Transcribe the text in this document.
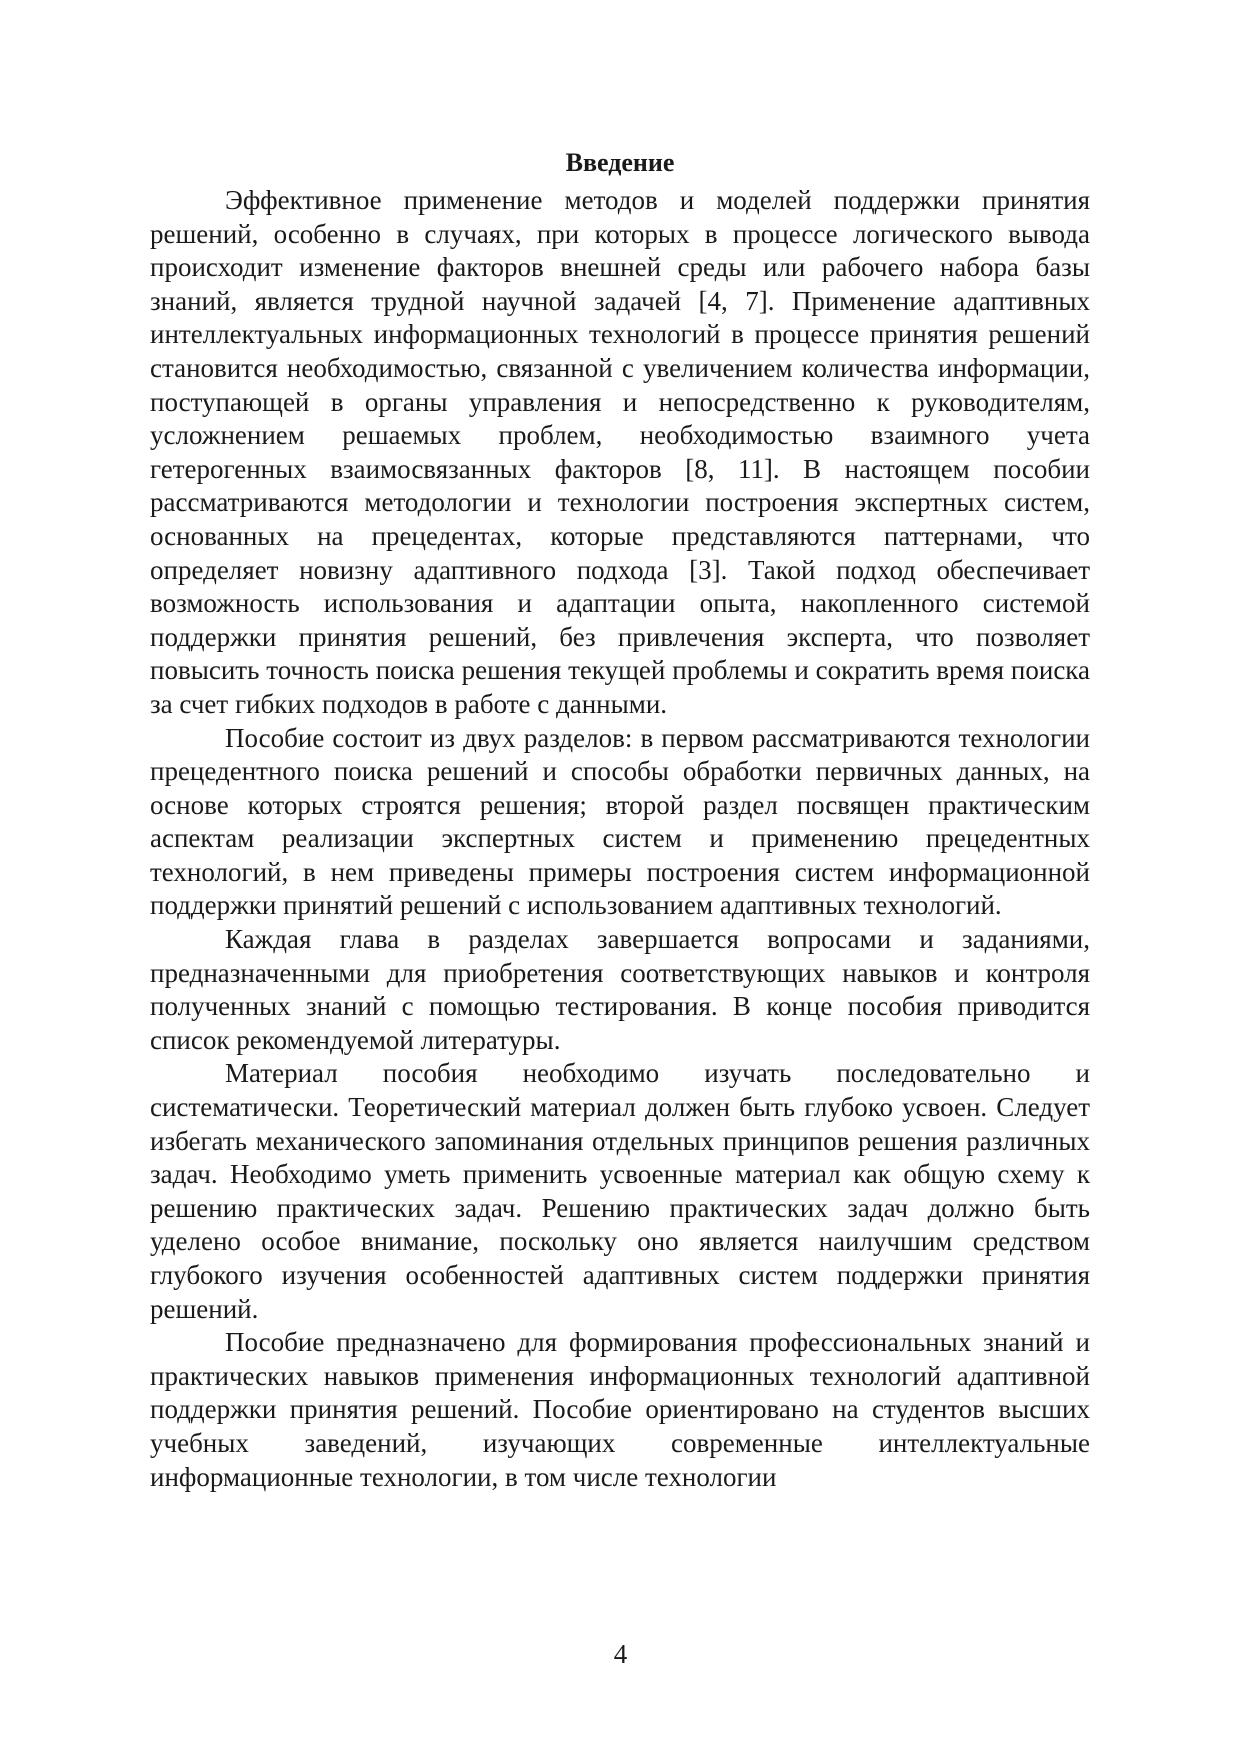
Введение

Эффективное применение методов и моделей поддержки принятия решений, особенно в случаях, при которых в процессе логического вывода происходит изменение факторов внешней среды или рабочего набора базы знаний, является трудной научной задачей [4, 7]. Применение адаптивных интеллектуальных информационных технологий в процессе принятия решений становится необходимостью, связанной с увеличением количества информации, поступающей в органы управления и непосредственно к руководителям, усложнением решаемых проблем, необходимостью взаимного учета гетерогенных взаимосвязанных факторов [8, 11]. В настоящем пособии рассматриваются методологии и технологии построения экспертных систем, основанных на прецедентах, которые представляются паттернами, что определяет новизну адаптивного подхода [3]. Такой подход обеспечивает возможность использования и адаптации опыта, накопленного системой поддержки принятия решений, без привлечения эксперта, что позволяет повысить точность поиска решения текущей проблемы и сократить время поиска за счет гибких подходов в работе с данными.

Пособие состоит из двух разделов: в первом рассматриваются технологии прецедентного поиска решений и способы обработки первичных данных, на основе которых строятся решения; второй раздел посвящен практическим аспектам реализации экспертных систем и применению прецедентных технологий, в нем приведены примеры построения систем информационной поддержки принятий решений с использованием адаптивных технологий.

Каждая глава в разделах завершается вопросами и заданиями, предназначенными для приобретения соответствующих навыков и контроля полученных знаний с помощью тестирования. В конце пособия приводится список рекомендуемой литературы.

Материал пособия необходимо изучать последовательно и систематически. Теоретический материал должен быть глубоко усвоен. Следует избегать механического запоминания отдельных принципов решения различных задач. Необходимо уметь применить усвоенные материал как общую схему к решению практических задач. Решению практических задач должно быть уделено особое внимание, поскольку оно является наилучшим средством глубокого изучения особенностей адаптивных систем поддержки принятия решений.

Пособие предназначено для формирования профессиональных знаний и практических навыков применения информационных технологий адаптивной поддержки принятия решений. Пособие ориентировано на студентов высших учебных заведений, изучающих современные интеллектуальные информационные технологии, в том числе технологии

4
